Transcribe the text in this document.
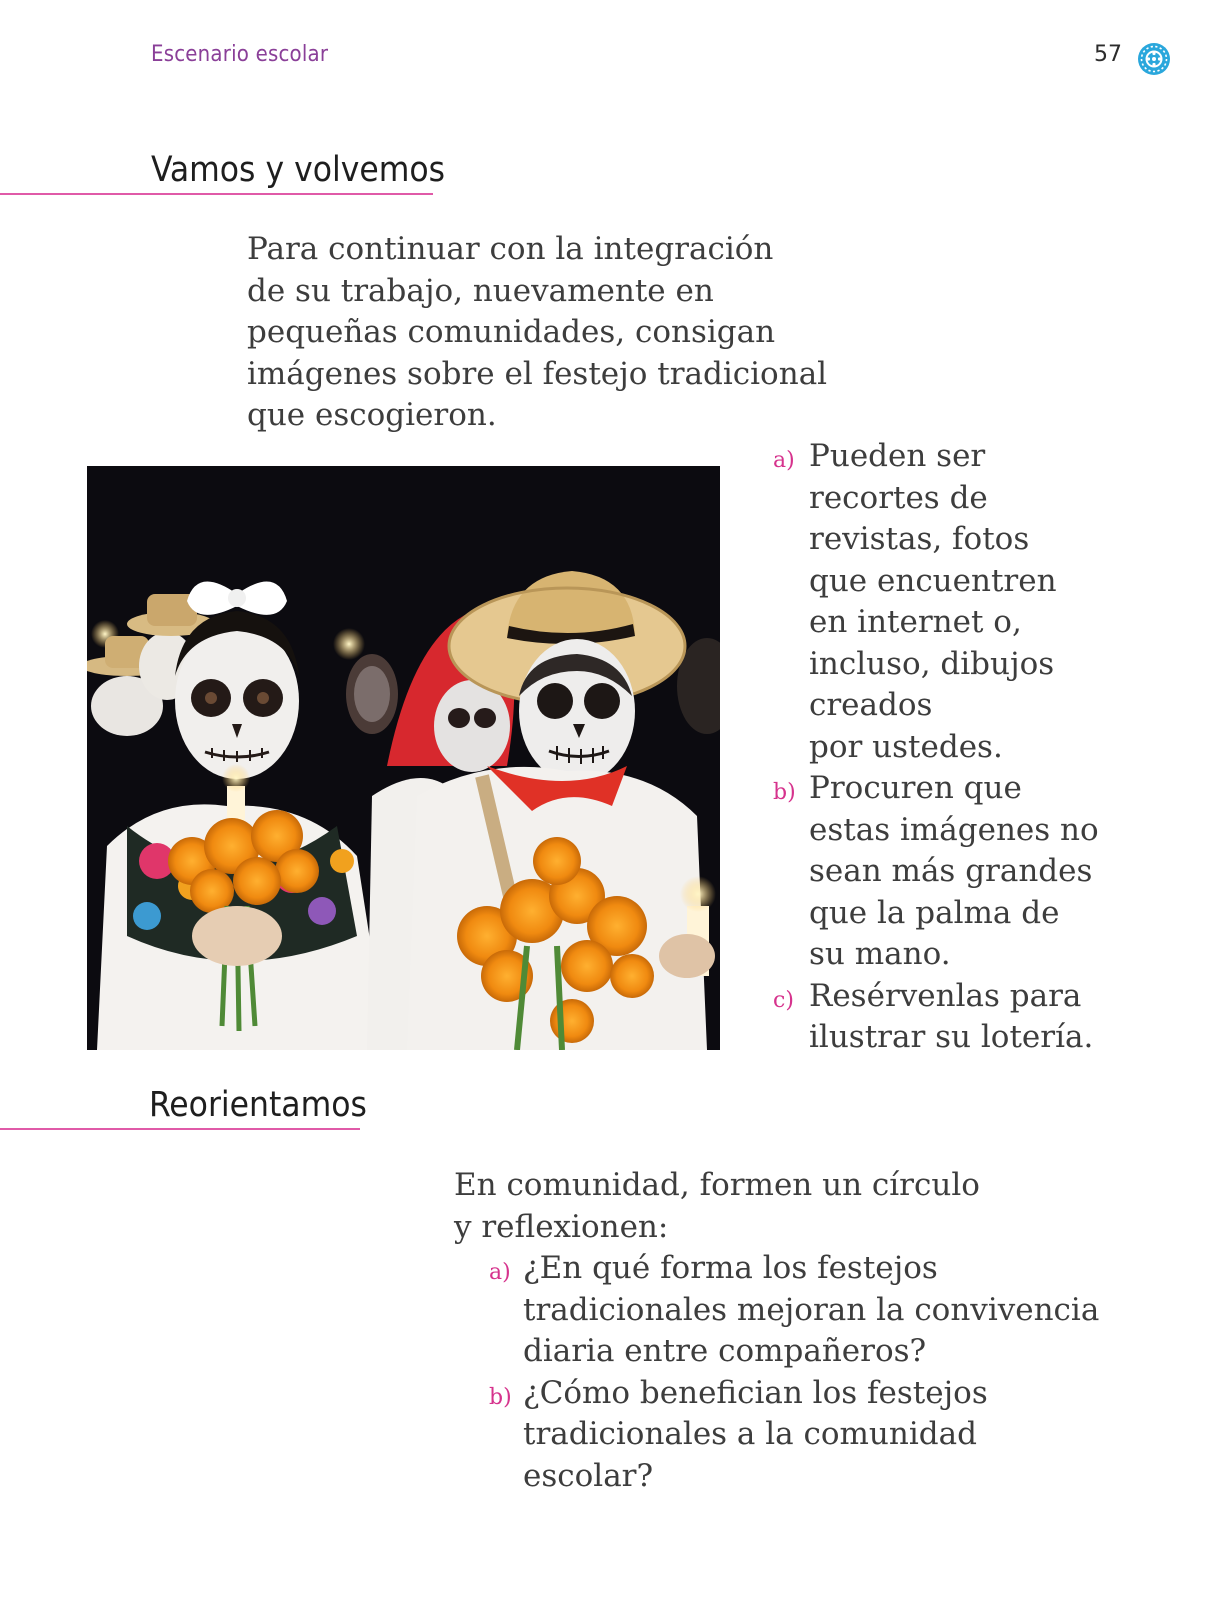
Escenario escolar	57
Vamos y volvemos
Para continuar con la integración
de su trabajo, nuevamente en
pequeñas comunidades, consigan
imágenes sobre el festejo tradicional
que escogieron.
a) Pueden ser
recortes de
revistas, fotos
que encuentren
en internet o,
incluso, dibujos
creados
por ustedes.
b) Procuren que
estas imágenes no
sean más grandes
que la palma de
su mano.
c) Resérvenlas para
ilustrar su lotería.
Reorientamos
En comunidad, formen un círculo
y reflexionen:
a) ¿En qué forma los festejos
tradicionales mejoran la convivencia
diaria entre compañeros?
b) ¿Cómo benefician los festejos
tradicionales a la comunidad
escolar?
